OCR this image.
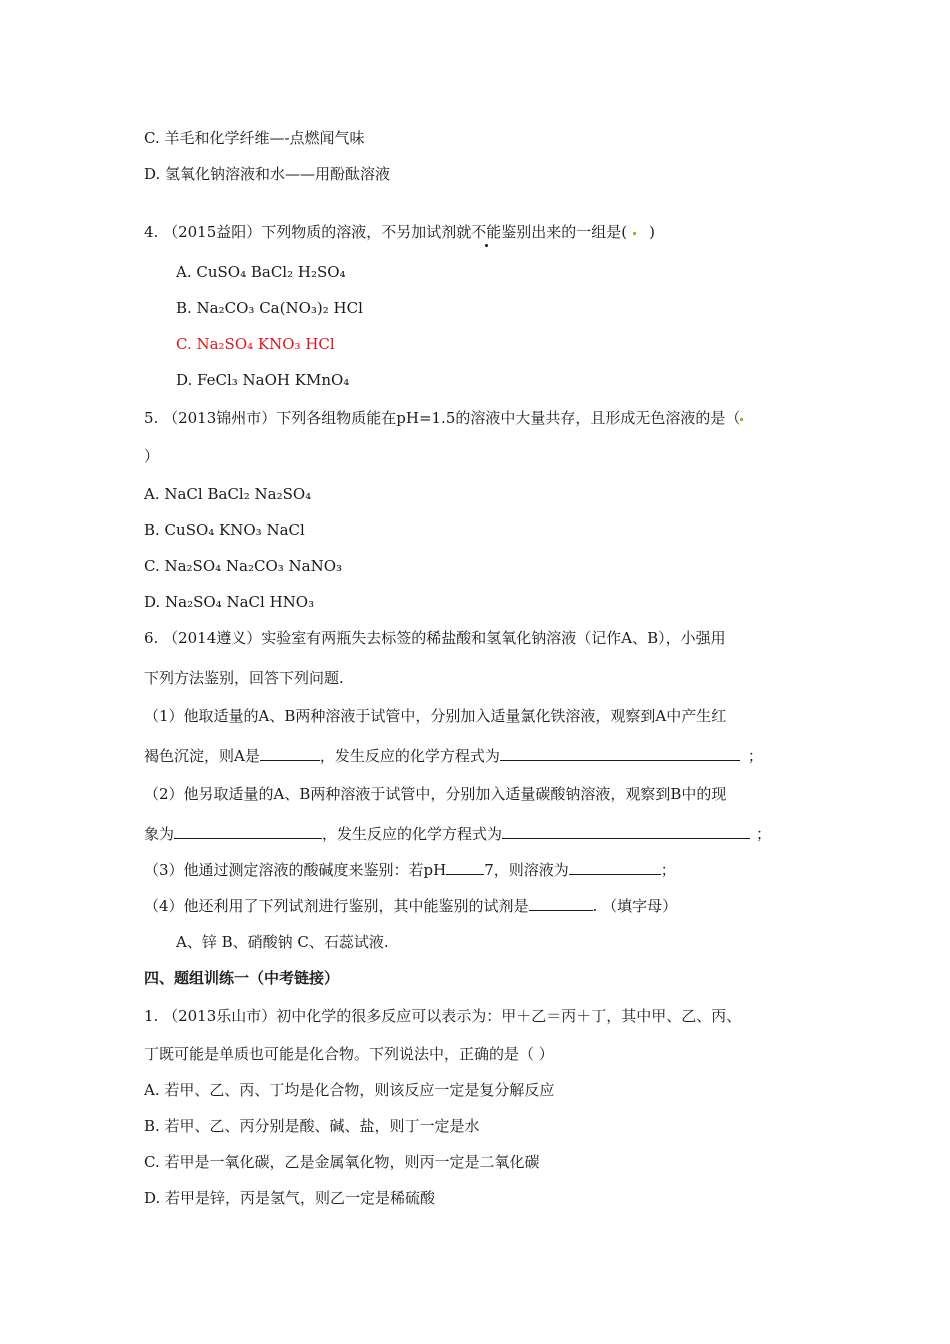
C. 羊毛和化学纤维—-点燃闻气味
D. 氢氧化钠溶液和水——用酚酞溶液
4. （2015益阳）下列物质的溶液，不另加试剂就不能鉴别出来的一组是( )
A. CuSO₄ BaCl₂ H₂SO₄
B. Na₂CO₃ Ca(NO₃)₂ HCl
C. Na₂SO₄ KNO₃ HCl
D. FeCl₃ NaOH KMnO₄
5. （2013锦州市）下列各组物质能在pH=1.5的溶液中大量共存，且形成无色溶液的是（
）
A. NaCl BaCl₂ Na₂SO₄
B. CuSO₄ KNO₃ NaCl
C. Na₂SO₄ Na₂CO₃ NaNO₃
D. Na₂SO₄ NaCl HNO₃
6. （2014遵义）实验室有两瓶失去标签的稀盐酸和氢氧化钠溶液（记作A、B），小强用
下列方法鉴别，回答下列问题.
（1）他取适量的A、B两种溶液于试管中，分别加入适量氯化铁溶液，观察到A中产生红
褐色沉淀，则A是	，发生反应的化学方程式为	；
（2）他另取适量的A、B两种溶液于试管中，分别加入适量碳酸钠溶液，观察到B中的现
象为	，发生反应的化学方程式为	；
（3）他通过测定溶液的酸碱度来鉴别：若pH	7，则溶液为	；
（4）他还利用了下列试剂进行鉴别，其中能鉴别的试剂是	. （填字母）
A、锌 B、硝酸钠 C、石蕊试液.
四、题组训练一（中考链接）
1. （2013乐山市）初中化学的很多反应可以表示为：甲＋乙＝丙＋丁，其中甲、乙、丙、
丁既可能是单质也可能是化合物。下列说法中，正确的是（ ）
A. 若甲、乙、丙、丁均是化合物，则该反应一定是复分解反应
B. 若甲、乙、丙分别是酸、碱、盐，则丁一定是水
C. 若甲是一氧化碳，乙是金属氧化物，则丙一定是二氧化碳
D. 若甲是锌，丙是氢气，则乙一定是稀硫酸
